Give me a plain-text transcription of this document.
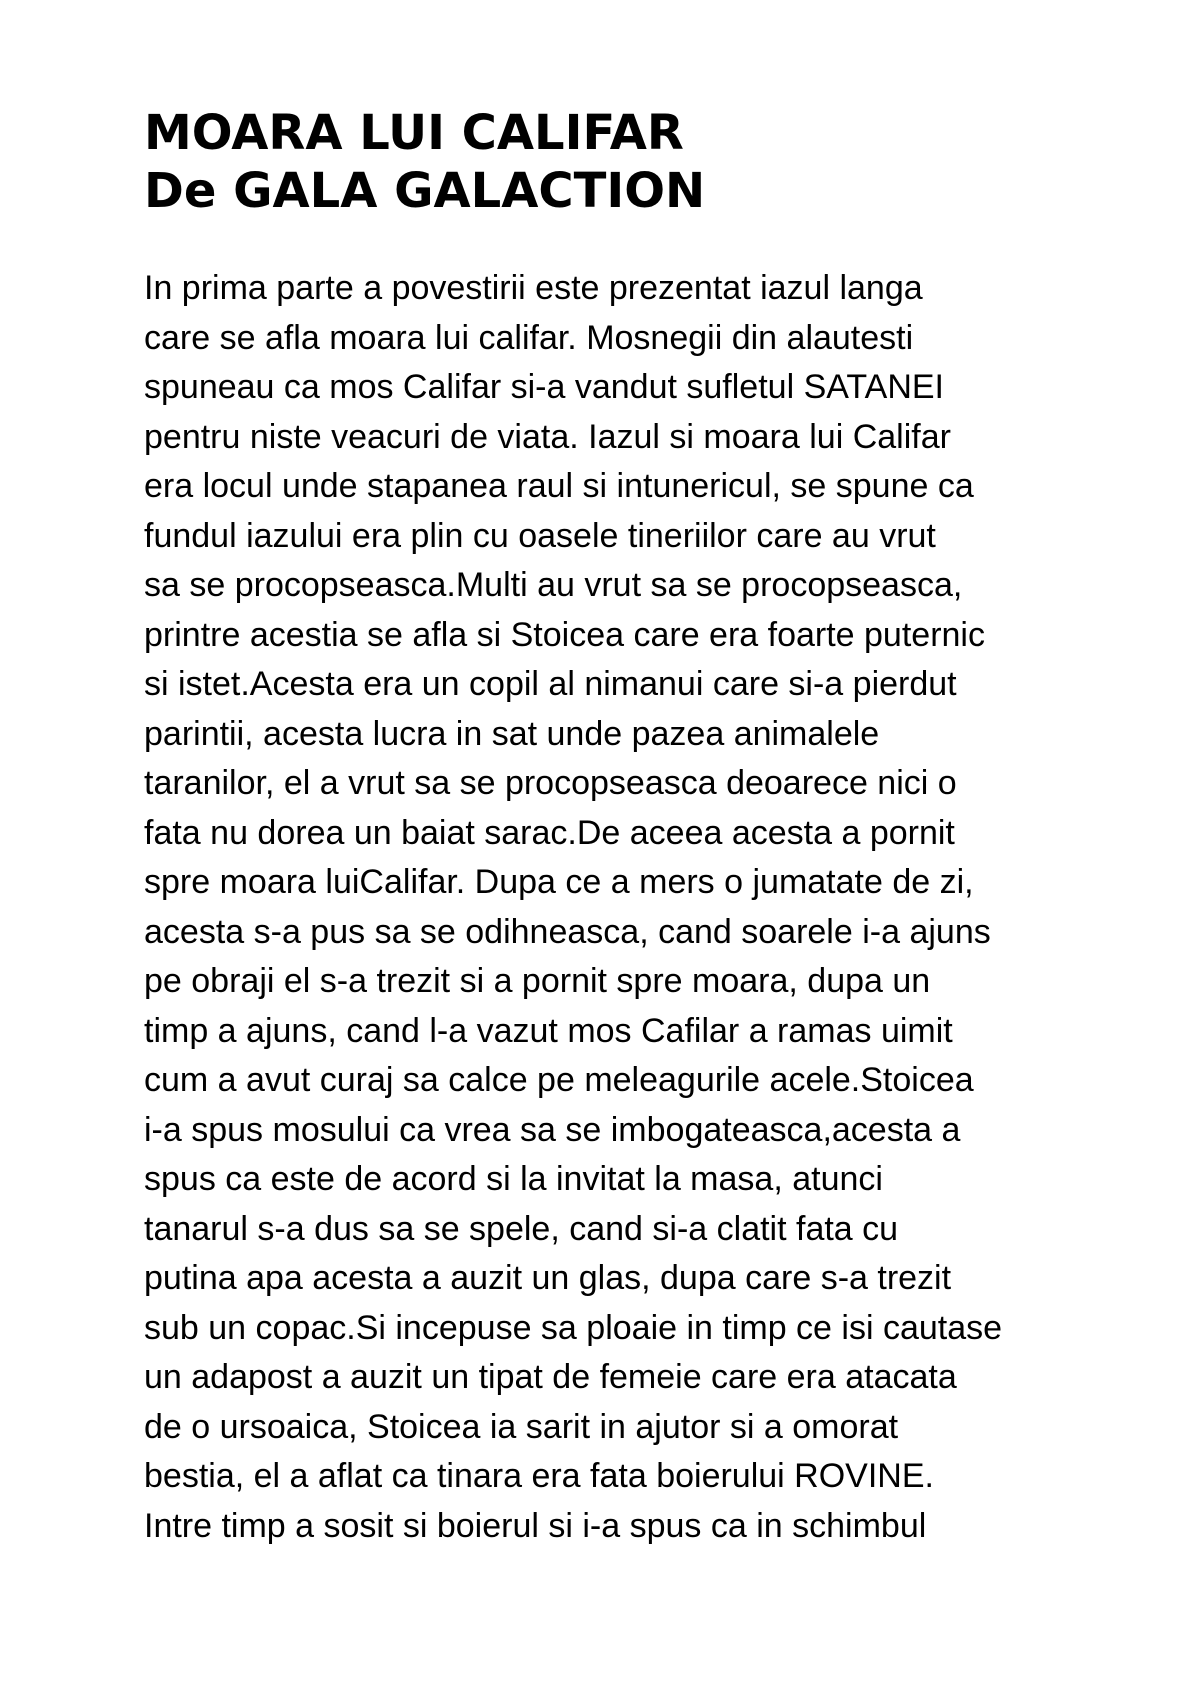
MOARA LUI CALIFAR
De GALA GALACTION
In prima parte a povestirii este prezentat iazul langa
care se afla moara lui califar. Mosnegii din alautesti
spuneau ca mos Califar si-a vandut sufletul SATANEI
pentru niste veacuri de viata. Iazul si moara lui Califar
era locul unde stapanea raul si intunericul, se spune ca
fundul iazului era plin cu oasele tineriilor care au vrut
sa se procopseasca.Multi au vrut sa se procopseasca,
printre acestia se afla si Stoicea care era foarte puternic
si istet.Acesta era un copil al nimanui care si-a pierdut
parintii, acesta lucra in sat unde pazea animalele
taranilor, el a vrut sa se procopseasca deoarece nici o
fata nu dorea un baiat sarac.De aceea acesta a pornit
spre moara luiCalifar. Dupa ce a mers o jumatate de zi,
acesta s-a pus sa se odihneasca, cand soarele i-a ajuns
pe obraji el s-a trezit si a pornit spre moara, dupa un
timp a ajuns, cand l-a vazut mos Cafilar a ramas uimit
cum a avut curaj sa calce pe meleagurile acele.Stoicea
i-a spus mosului ca vrea sa se imbogateasca,acesta a
spus ca este de acord si la invitat la masa, atunci
tanarul s-a dus sa se spele, cand si-a clatit fata cu
putina apa acesta a auzit un glas, dupa care s-a trezit
sub un copac.Si incepuse sa ploaie in timp ce isi cautase
un adapost a auzit un tipat de femeie care era atacata
de o ursoaica, Stoicea ia sarit in ajutor si a omorat
bestia, el a aflat ca tinara era fata boierului ROVINE.
Intre timp a sosit si boierul si i-a spus ca in schimbul
